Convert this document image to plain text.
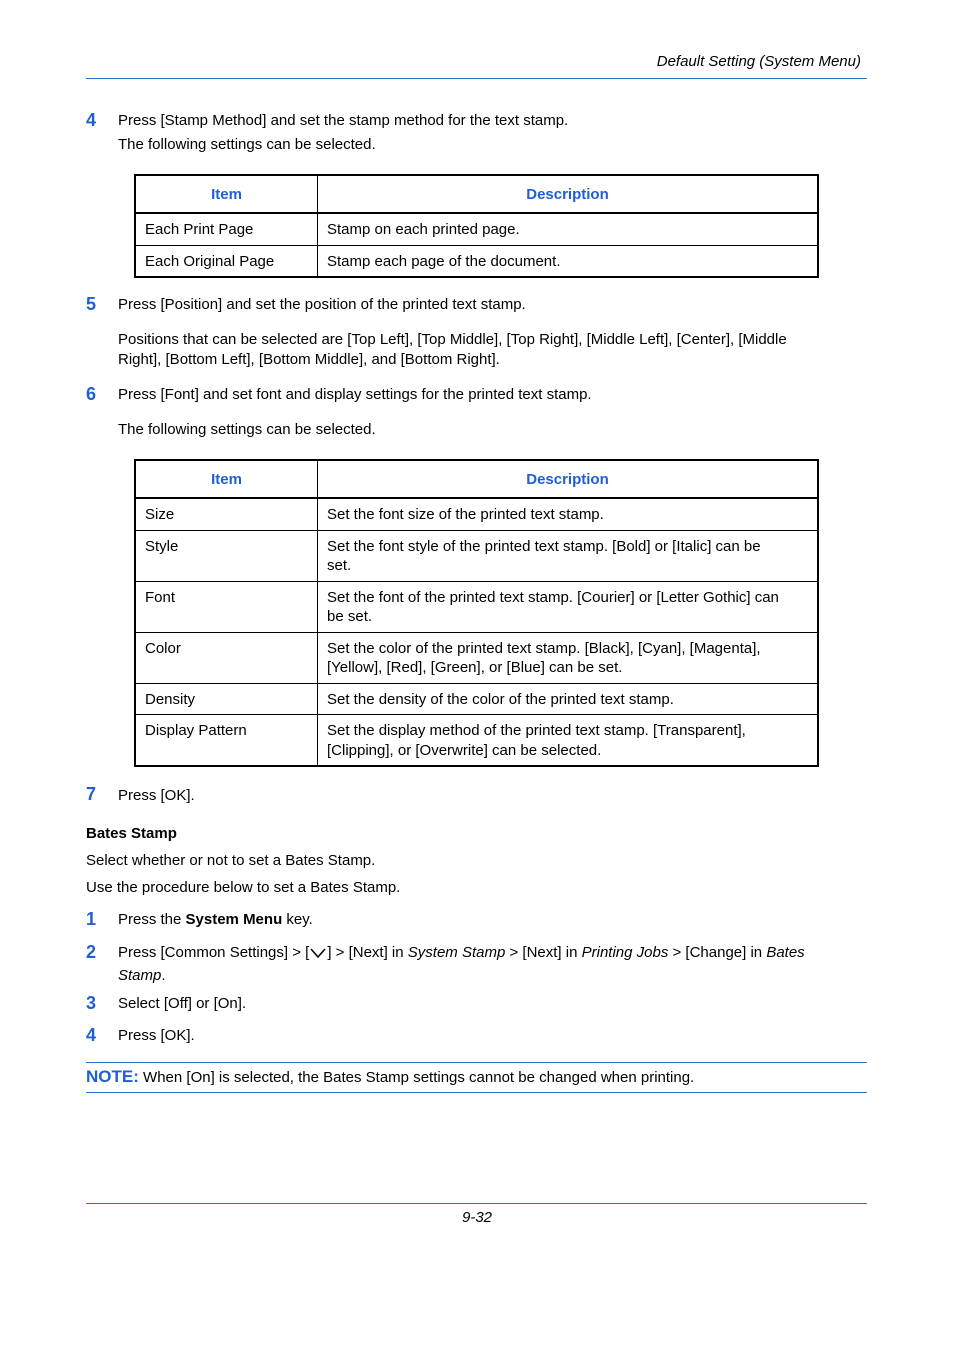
Default Setting (System Menu)
4 Press [Stamp Method] and set the stamp method for the text stamp.
The following settings can be selected.
Item	Description
Each Print Page	Stamp on each printed page.
Each Original Page	Stamp each page of the document.
5 Press [Position] and set the position of the printed text stamp.
Positions that can be selected are [Top Left], [Top Middle], [Top Right], [Middle Left], [Center], [Middle
Right], [Bottom Left], [Bottom Middle], and [Bottom Right].
6 Press [Font] and set font and display settings for the printed text stamp.
The following settings can be selected.
Item	Description
Size	Set the font size of the printed text stamp.

Style	Set the font style of the printed text stamp. [Bold] or [Italic] can be
set.

Font	Set the font of the printed text stamp. [Courier] or [Letter Gothic] can
be set.

Color	Set the color of the printed text stamp. [Black], [Cyan], [Magenta],
[Yellow], [Red], [Green], or [Blue] can be set.

Density	Set the density of the color of the printed text stamp.

Display Pattern	Set the display method of the printed text stamp. [Transparent],
[Clipping], or [Overwrite] can be selected.
7 Press [OK].
Bates Stamp
Select whether or not to set a Bates Stamp.
Use the procedure below to set a Bates Stamp.
1 Press the System Menu key.
2 Press [Common Settings] > [ ] > [Next] in System Stamp > [Next] in Printing Jobs > [Change] in Bates
Stamp.
3 Select [Off] or [On].
4 Press [OK].
NOTE: When [On] is selected, the Bates Stamp settings cannot be changed when printing.
9-32
